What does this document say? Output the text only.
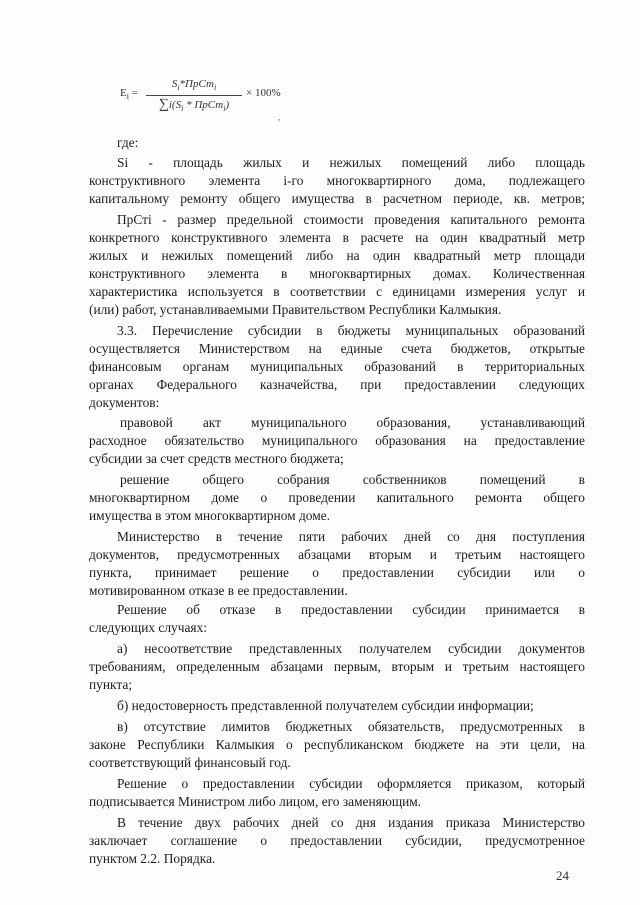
$E_i$ =
$S_i*ПрСт_i$
$\sum i(S_i$ * ПрСт$_i$)
× 100%
,
где:
Si - площадь жилых и нежилых помещений либо площадь
конструктивного элемента i-го многоквартирного дома, подлежащего
капитальному ремонту общего имущества в расчетном периоде, кв. метров;
ПрСтi - размер предельной стоимости проведения капитального ремонта
конкретного конструктивного элемента в расчете на один квадратный метр
жилых и нежилых помещений либо на один квадратный метр площади
конструктивного элемента в многоквартирных домах. Количественная
характеристика используется в соответствии с единицами измерения услуг и
(или) работ, устанавливаемыми Правительством Республики Калмыкия.
3.3. Перечисление субсидии в бюджеты муниципальных образований
осуществляется Министерством на единые счета бюджетов, открытые
финансовым органам муниципальных образований в территориальных
органах Федерального казначейства, при предоставлении следующих
документов:
правовой акт муниципального образования, устанавливающий
расходное обязательство муниципального образования на предоставление
субсидии за счет средств местного бюджета;
решение общего собрания собственников помещений в
многоквартирном доме о проведении капитального ремонта общего
имущества в этом многоквартирном доме.
Министерство в течение пяти рабочих дней со дня поступления
документов, предусмотренных абзацами вторым и третьим настоящего
пункта, принимает решение о предоставлении субсидии или о
мотивированном отказе в ее предоставлении.
Решение об отказе в предоставлении субсидии принимается в
следующих случаях:
а) несоответствие представленных получателем субсидии документов
требованиям, определенным абзацами первым, вторым и третьим настоящего
пункта;
б) недостоверность представленной получателем субсидии информации;
в) отсутствие лимитов бюджетных обязательств, предусмотренных в
законе Республики Калмыкия о республиканском бюджете на эти цели, на
соответствующий финансовый год.
Решение о предоставлении субсидии оформляется приказом, который
подписывается Министром либо лицом, его заменяющим.
В течение двух рабочих дней со дня издания приказа Министерство
заключает соглашение о предоставлении субсидии, предусмотренное
пунктом 2.2. Порядка.
24
